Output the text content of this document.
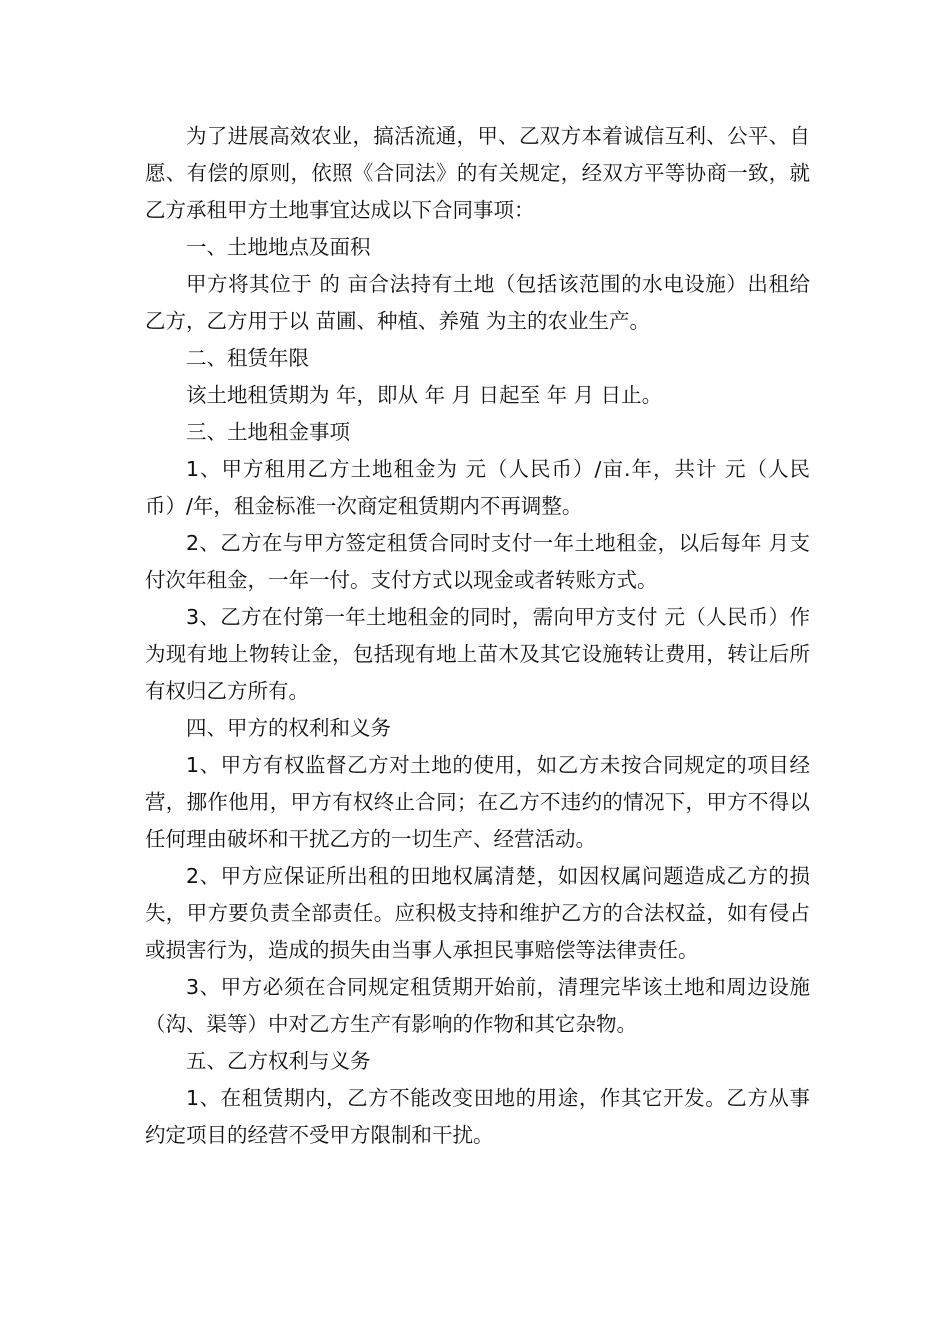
为了进展高效农业，搞活流通，甲、乙双方本着诚信互利、公平、自愿、有偿的原则，依照《合同法》的有关规定，经双方平等协商一致，就乙方承租甲方土地事宜达成以下合同事项：

一、土地地点及面积

甲方将其位于 的 亩合法持有土地（包括该范围的水电设施）出租给乙方，乙方用于以 苗圃、种植、养殖 为主的农业生产。

二、租赁年限

该土地租赁期为 年，即从 年 月 日起至 年 月 日止。

三、土地租金事项

1、甲方租用乙方土地租金为 元（人民币）/亩.年，共计 元（人民币）/年，租金标准一次商定租赁期内不再调整。

2、乙方在与甲方签定租赁合同时支付一年土地租金，以后每年 月支付次年租金，一年一付。支付方式以现金或者转账方式。

3、乙方在付第一年土地租金的同时，需向甲方支付 元（人民币）作为现有地上物转让金，包括现有地上苗木及其它设施转让费用，转让后所有权归乙方所有。

四、甲方的权利和义务

1、甲方有权监督乙方对土地的使用，如乙方未按合同规定的项目经营，挪作他用，甲方有权终止合同；在乙方不违约的情况下，甲方不得以任何理由破坏和干扰乙方的一切生产、经营活动。

2、甲方应保证所出租的田地权属清楚，如因权属问题造成乙方的损失，甲方要负责全部责任。应积极支持和维护乙方的合法权益，如有侵占或损害行为，造成的损失由当事人承担民事赔偿等法律责任。

3、甲方必须在合同规定租赁期开始前，清理完毕该土地和周边设施（沟、渠等）中对乙方生产有影响的作物和其它杂物。

五、乙方权利与义务

1、在租赁期内，乙方不能改变田地的用途，作其它开发。乙方从事约定项目的经营不受甲方限制和干扰。
